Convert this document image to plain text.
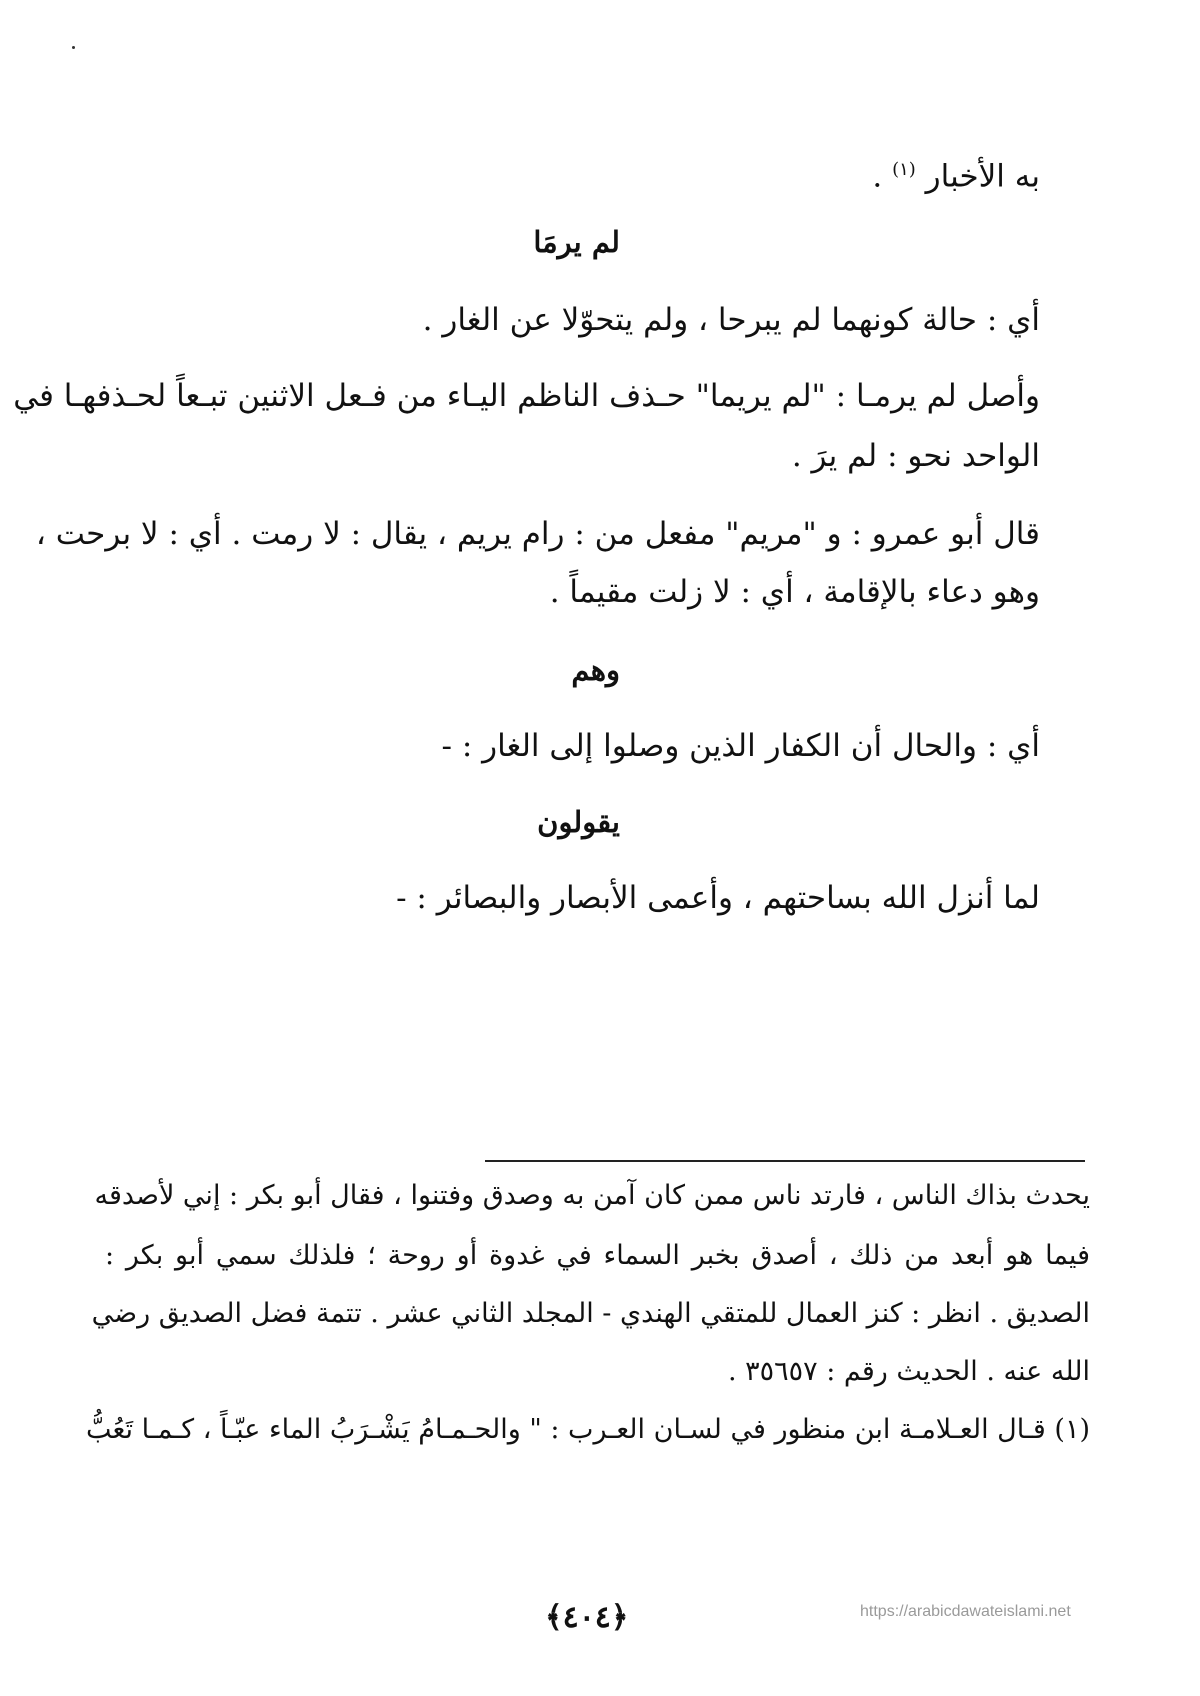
به الأخبار $^{(١)}$ .
لم يرمَا
أي : حالة كونهما لم يبرحا ، ولم يتحوّلا عن الغار .
وأصل لم يرمـا : "لم يريما" حـذف الناظم اليـاء من فـعل الاثنين تبـعاً لحـذفهـا في
الواحد نحو : لم يرَ .
قال أبو عمرو : و "مريم" مفعل من : رام يريم ، يقال : لا رمت . أي : لا برحت ،
وهو دعاء بالإقامة ، أي : لا زلت مقيماً .
وهم
أي : والحال أن الكفار الذين وصلوا إلى الغار : -
يقولون
لما أنزل الله بساحتهم ، وأعمى الأبصار والبصائر : -
يحدث بذاك الناس ، فارتد ناس ممن كان آمن به وصدق وفتنوا ، فقال أبو بكر : إني لأصدقه
فيما هو أبعد من ذلك ، أصدق بخبر السماء في غدوة أو روحة ؛ فلذلك سمي أبو بكر :
الصديق . انظر : كنز العمال للمتقي الهندي - المجلد الثاني عشر . تتمة فضل الصديق رضي
الله عنه . الحديث رقم : ٣٥٦٥٧ .
(١) قـال العـلامـة ابن منظور في لسـان العـرب : " والحـمـامُ يَشْـرَبُ الماء عبّـاً ، كـمـا تَعُبُّ
﴿٤٠٤﴾	https://arabicdawateislami.net
